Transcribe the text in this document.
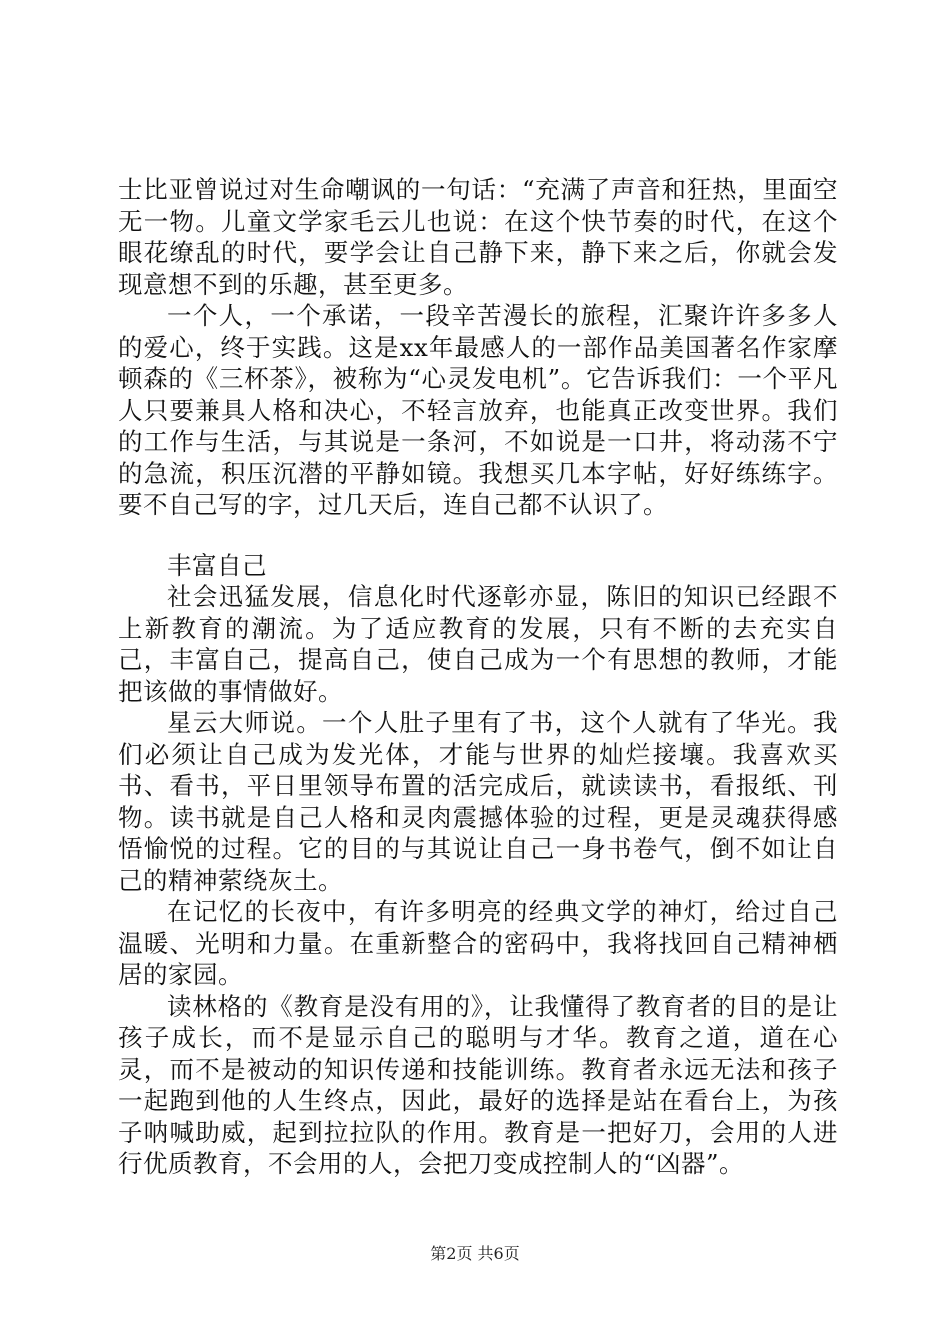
士比亚曾说过对生命嘲讽的一句话：“充满了声音和狂热，里面空无一物。儿童文学家毛云儿也说：在这个快节奏的时代，在这个眼花缭乱的时代，要学会让自己静下来，静下来之后，你就会发现意想不到的乐趣，甚至更多。

一个人，一个承诺，一段辛苦漫长的旅程，汇聚许许多多人的爱心，终于实践。这是xx年最感人的一部作品美国著名作家摩顿森的《三杯茶》，被称为“心灵发电机”。它告诉我们：一个平凡人只要兼具人格和决心，不轻言放弃，也能真正改变世界。我们的工作与生活，与其说是一条河，不如说是一口井，将动荡不宁的急流，积压沉潜的平静如镜。我想买几本字帖，好好练练字。要不自己写的字，过几天后，连自己都不认识了。

丰富自己

社会迅猛发展，信息化时代逐彰亦显，陈旧的知识已经跟不上新教育的潮流。为了适应教育的发展，只有不断的去充实自己，丰富自己，提高自己，使自己成为一个有思想的教师，才能把该做的事情做好。

星云大师说。一个人肚子里有了书，这个人就有了华光。我们必须让自己成为发光体，才能与世界的灿烂接壤。我喜欢买书、看书，平日里领导布置的活完成后，就读读书，看报纸、刊物。读书就是自己人格和灵肉震撼体验的过程，更是灵魂获得感悟愉悦的过程。它的目的与其说让自己一身书卷气，倒不如让自己的精神萦绕灰土。

在记忆的长夜中，有许多明亮的经典文学的神灯，给过自己温暖、光明和力量。在重新整合的密码中，我将找回自己精神栖居的家园。

读林格的《教育是没有用的》，让我懂得了教育者的目的是让孩子成长，而不是显示自己的聪明与才华。教育之道，道在心灵，而不是被动的知识传递和技能训练。教育者永远无法和孩子一起跑到他的人生终点，因此，最好的选择是站在看台上，为孩子呐喊助威，起到拉拉队的作用。教育是一把好刀，会用的人进行优质教育，不会用的人，会把刀变成控制人的“凶器”。

第2页 共6页
